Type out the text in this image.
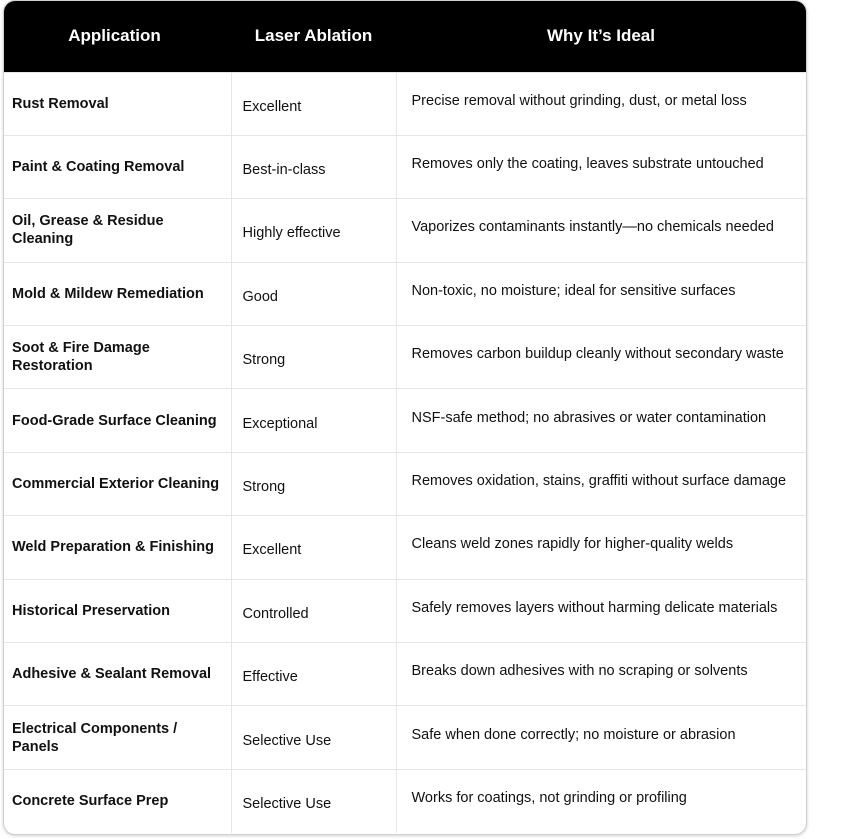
Application	Laser Ablation	Why It’s Ideal
Rust Removal	Excellent	Precise removal without grinding, dust, or metal loss
Paint & Coating Removal	Best-in-class	Removes only the coating, leaves substrate untouched
Oil, Grease & Residue Cleaning	Highly effective	Vaporizes contaminants instantly—no chemicals needed
Mold & Mildew Remediation	Good	Non-toxic, no moisture; ideal for sensitive surfaces
Soot & Fire Damage Restoration	Strong	Removes carbon buildup cleanly without secondary waste
Food-Grade Surface Cleaning	Exceptional	NSF-safe method; no abrasives or water contamination
Commercial Exterior Cleaning	Strong	Removes oxidation, stains, graffiti without surface damage
Weld Preparation & Finishing	Excellent	Cleans weld zones rapidly for higher-quality welds
Historical Preservation	Controlled	Safely removes layers without harming delicate materials
Adhesive & Sealant Removal	Effective	Breaks down adhesives with no scraping or solvents
Electrical Components / Panels	Selective Use	Safe when done correctly; no moisture or abrasion
Concrete Surface Prep	Selective Use	Works for coatings, not grinding or profiling
